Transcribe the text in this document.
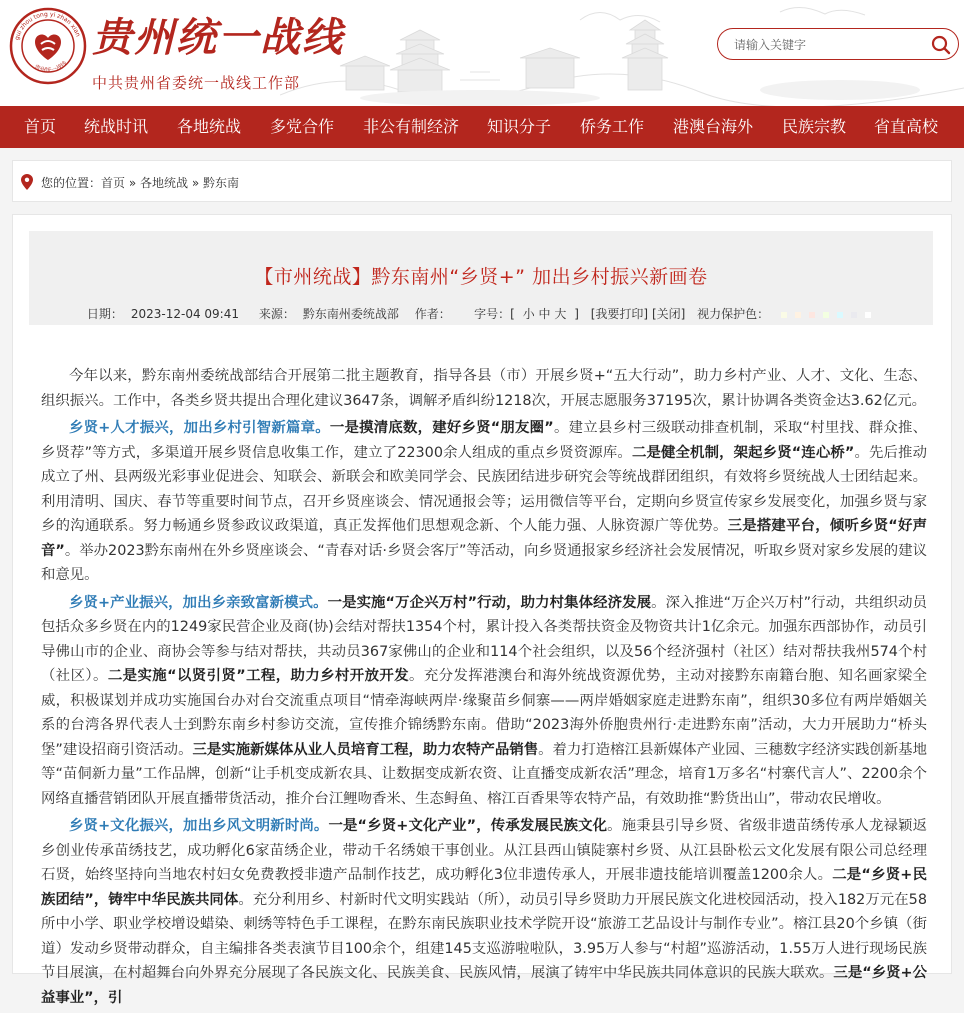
gui zhou tong yi zhan xian
贵州统一战线
贵州统一战线
中共贵州省委统一战线工作部
请输入关键字
首页 统战时讯 各地统战 多党合作 非公有制经济 知识分子 侨务工作 港澳台海外 民族宗教 省直高校
您的位置：首页 » 各地统战 » 黔东南
【市州统战】黔东南州“乡贤+” 加出乡村振兴新画卷
日期： 2023-12-04 09:41 来源： 黔东南州委统战部 作者： 字号：[ 小 中 大 ] [我要打印] [关闭] 视力保护色：

今年以来，黔东南州委统战部结合开展第二批主题教育，指导各县（市）开展乡贤+“五大行动”，助力乡村产业、人才、文化、生态、组织振兴。工作中，各类乡贤共提出合理化建议3647条，调解矛盾纠纷1218次，开展志愿服务37195次，累计协调各类资金达3.62亿元。

乡贤+人才振兴，加出乡村引智新篇章。一是摸清底数，建好乡贤“朋友圈”。建立县乡村三级联动排查机制，采取“村里找、群众推、乡贤荐”等方式，多渠道开展乡贤信息收集工作，建立了22300余人组成的重点乡贤资源库。二是健全机制，架起乡贤“连心桥”。先后推动成立了州、县两级光彩事业促进会、知联会、新联会和欧美同学会、民族团结进步研究会等统战群团组织，有效将乡贤统战人士团结起来。利用清明、国庆、春节等重要时间节点，召开乡贤座谈会、情况通报会等；运用微信等平台，定期向乡贤宣传家乡发展变化，加强乡贤与家乡的沟通联系。努力畅通乡贤参政议政渠道，真正发挥他们思想观念新、个人能力强、人脉资源广等优势。三是搭建平台，倾听乡贤“好声音”。举办2023黔东南州在外乡贤座谈会、“青春对话·乡贤会客厅”等活动，向乡贤通报家乡经济社会发展情况，听取乡贤对家乡发展的建议和意见。

乡贤+产业振兴，加出乡亲致富新模式。一是实施“万企兴万村”行动，助力村集体经济发展。深入推进“万企兴万村”行动，共组织动员包括众多乡贤在内的1249家民营企业及商(协)会结对帮扶1354个村，累计投入各类帮扶资金及物资共计1亿余元。加强东西部协作，动员引导佛山市的企业、商协会等参与结对帮扶，共动员367家佛山的企业和114个社会组织，以及56个经济强村（社区）结对帮扶我州574个村（社区）。二是实施“以贤引贤”工程，助力乡村开放开发。充分发挥港澳台和海外统战资源优势，主动对接黔东南籍台胞、知名画家梁全威，积极谋划并成功实施国台办对台交流重点项目“情牵海峡两岸·缘聚苗乡侗寨——两岸婚姻家庭走进黔东南”，组织30多位有两岸婚姻关系的台湾各界代表人士到黔东南乡村参访交流，宣传推介锦绣黔东南。借助“2023海外侨胞贵州行·走进黔东南”活动，大力开展助力“桥头堡”建设招商引资活动。三是实施新媒体从业人员培育工程，助力农特产品销售。着力打造榕江县新媒体产业园、三穗数字经济实践创新基地等“苗侗新力量”工作品牌，创新“让手机变成新农具、让数据变成新农资、让直播变成新农活”理念，培育1万多名“村寨代言人”、2200余个网络直播营销团队开展直播带货活动，推介台江鲤吻香米、生态鲟鱼、榕江百香果等农特产品，有效助推“黔货出山”，带动农民增收。

乡贤+文化振兴，加出乡风文明新时尚。一是“乡贤+文化产业”，传承发展民族文化。施秉县引导乡贤、省级非遗苗绣传承人龙禄颖返乡创业传承苗绣技艺，成功孵化6家苗绣企业，带动千名绣娘干事创业。从江县西山镇陡寨村乡贤、从江县卧松云文化发展有限公司总经理石贤，始终坚持向当地农村妇女免费教授非遗产品制作技艺，成功孵化3位非遗传承人，开展非遗技能培训覆盖1200余人。二是“乡贤+民族团结”，铸牢中华民族共同体。充分利用乡、村新时代文明实践站（所），动员引导乡贤助力开展民族文化进校园活动，投入182万元在58所中小学、职业学校增设蜡染、刺绣等特色手工课程，在黔东南民族职业技术学院开设“旅游工艺品设计与制作专业”。榕江县20个乡镇（街道）发动乡贤带动群众，自主编排各类表演节目100余个，组建145支巡游啦啦队，3.95万人参与“村超”巡游活动，1.55万人进行现场民族节目展演，在村超舞台向外界充分展现了各民族文化、民族美食、民族风情，展演了铸牢中华民族共同体意识的民族大联欢。三是“乡贤+公益事业”，引
